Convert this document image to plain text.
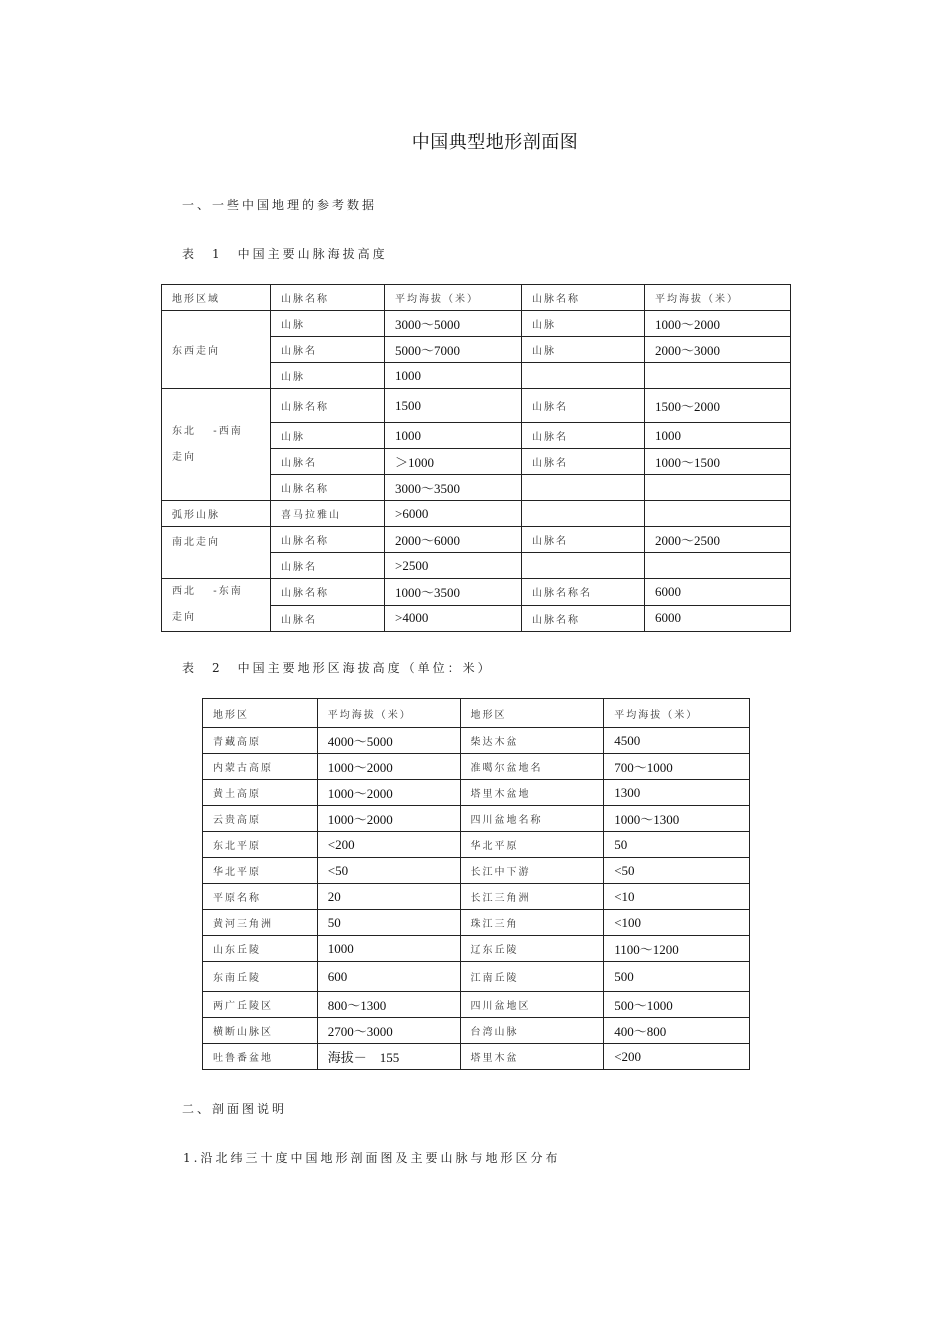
中国典型地形剖面图
一、一些中国地理的参考数据
表　1　中国主要山脉海拔高度
地形区域	山脉名称	平均海拔（米）	山脉名称	平均海拔（米）
东西走向	山脉	3000～5000	山脉	1000～2000
	山脉名	5000～7000	山脉	2000～3000
	山脉	1000		

东北 　-西南
走向	山脉名称	1500	山脉名	1500～2000
	山脉	1000	山脉名	1000
	山脉名	＞1000	山脉名	1000～1500
	山脉名称	3000～3500		
弧形山脉	喜马拉雅山	>6000		
南北走向	山脉名称	2000～6000	山脉名	2000～2500
	山脉名	>2500		

西北 　-东南
走向	山脉名称	1000～3500	山脉名称名	6000
	山脉名	>4000	山脉名称	6000
表　2　中国主要地形区海拔高度（单位：米）
地形区	平均海拔（米）	地形区	平均海拔（米）
青藏高原	4000～5000	柴达木盆	4500
内蒙古高原	1000～2000	准噶尔盆地名	700～1000
黄土高原	1000～2000	塔里木盆地	1300
云贵高原	1000～2000	四川盆地名称	1000～1300
东北平原	<200	华北平原	50
华北平原	<50	长江中下游	<50
平原名称	20	长江三角洲	<10
黄河三角洲	50	珠江三角	<100
山东丘陵	1000	辽东丘陵	1100～1200
东南丘陵	600	江南丘陵	500
两广丘陵区	800～1300	四川盆地区	500～1000
横断山脉区	2700～3000	台湾山脉	400～800
吐鲁番盆地	海拔－　155	塔里木盆	<200
二、剖面图说明
1.沿北纬三十度中国地形剖面图及主要山脉与地形区分布
